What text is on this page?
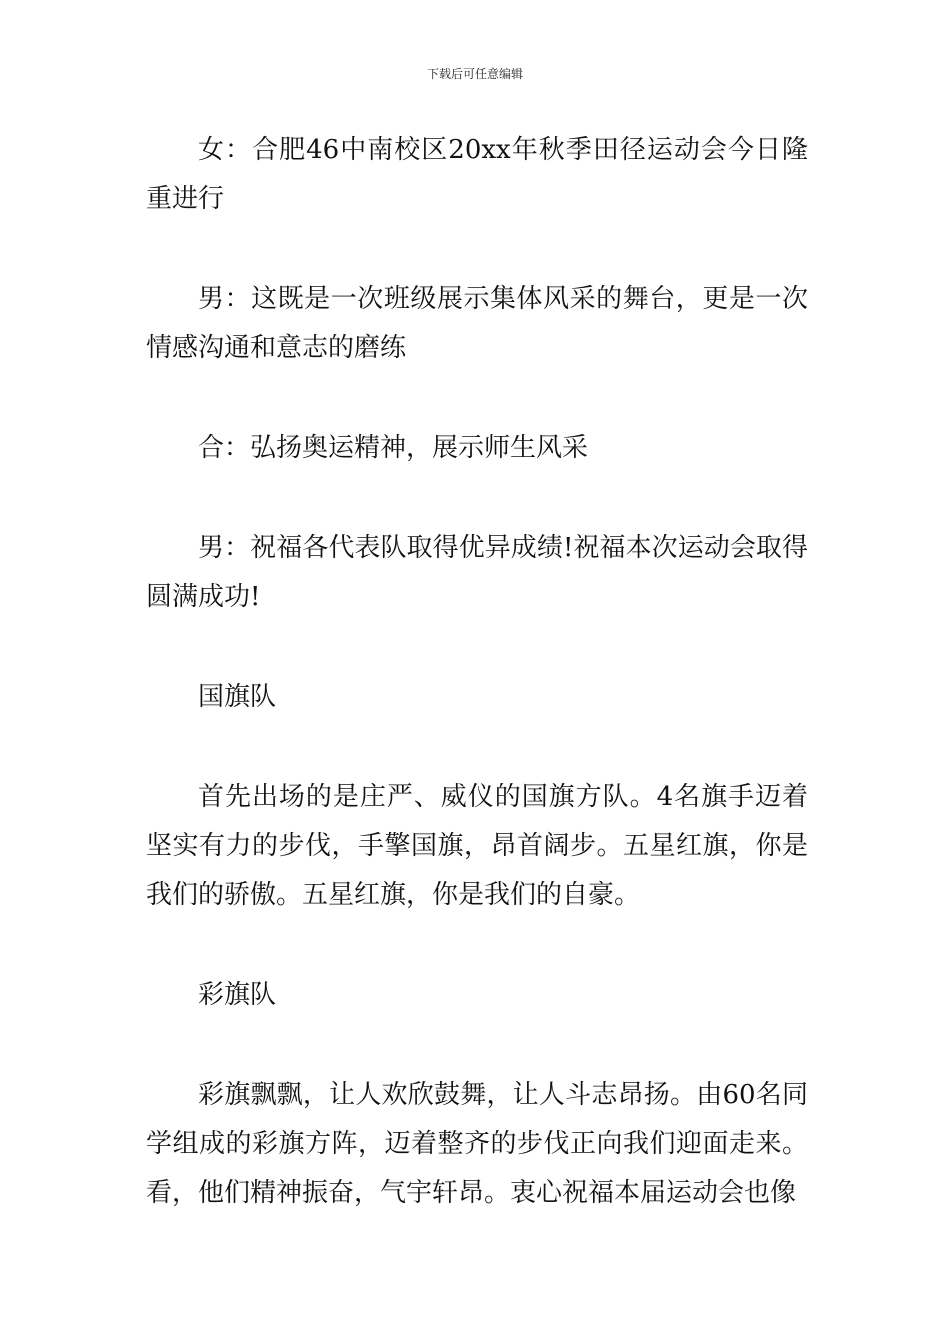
下载后可任意编辑

女：合肥46中南校区20xx年秋季田径运动会今日隆重进行

男：这既是一次班级展示集体风采的舞台，更是一次情感沟通和意志的磨练

合：弘扬奥运精神，展示师生风采

男：祝福各代表队取得优异成绩!祝福本次运动会取得圆满成功!

国旗队

首先出场的是庄严、威仪的国旗方队。4名旗手迈着坚实有力的步伐，手擎国旗，昂首阔步。五星红旗，你是我们的骄傲。五星红旗，你是我们的自豪。

彩旗队

彩旗飘飘，让人欢欣鼓舞，让人斗志昂扬。由60名同学组成的彩旗方阵，迈着整齐的步伐正向我们迎面走来。看，他们精神振奋，气宇轩昂。衷心祝福本届运动会也像
